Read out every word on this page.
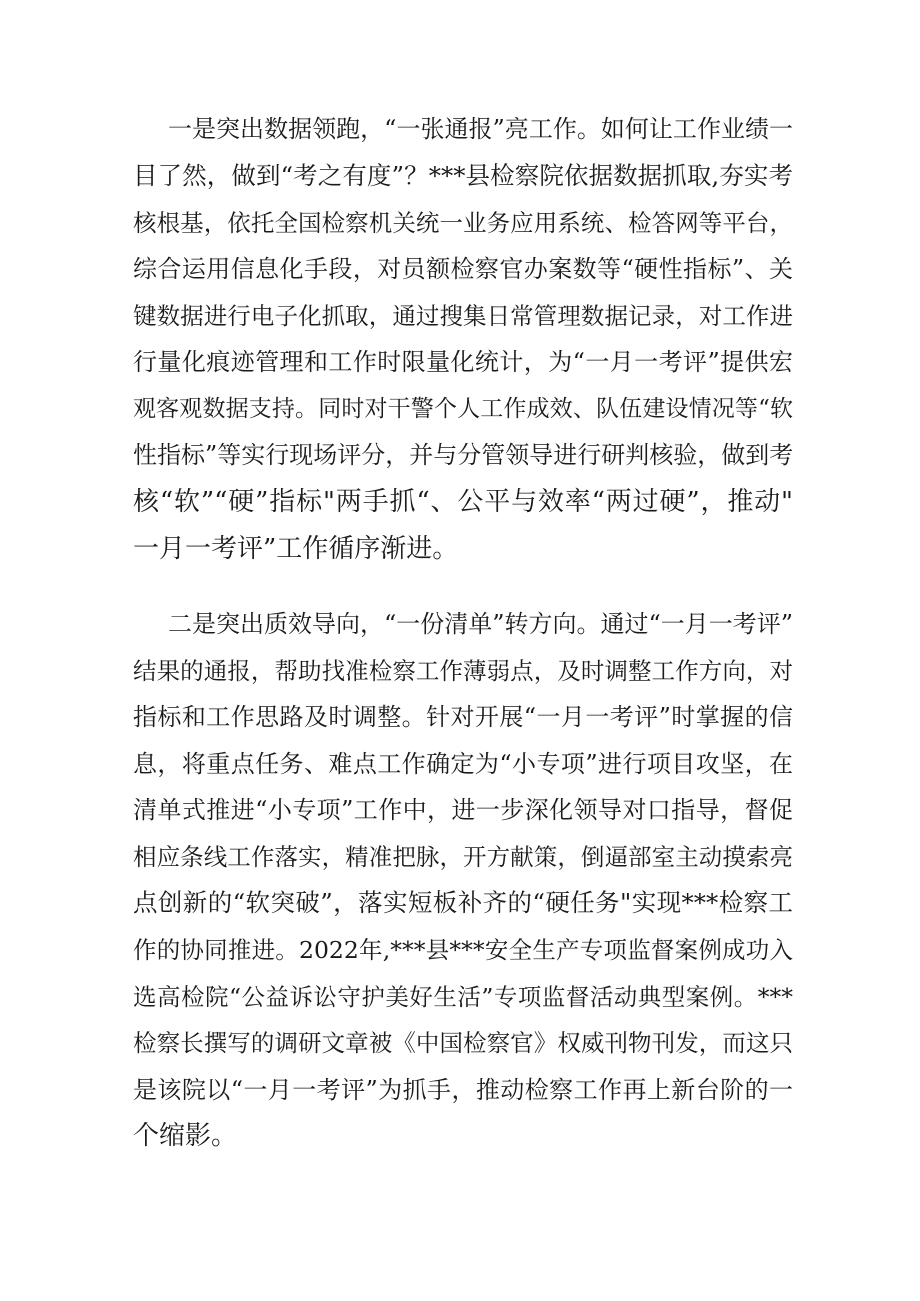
一是突出数据领跑，“一张通报”亮工作。如何让工作业绩一
目了然，做到“考之有度”？***县检察院依据数据抓取,夯实考
核根基，依托全国检察机关统一业务应用系统、检答网等平台，
综合运用信息化手段，对员额检察官办案数等“硬性指标”、关
键数据进行电子化抓取，通过搜集日常管理数据记录，对工作进
行量化痕迹管理和工作时限量化统计，为“一月一考评”提供宏
观客观数据支持。同时对干警个人工作成效、队伍建设情况等“软
性指标”等实行现场评分，并与分管领导进行研判核验，做到考
核“软”“硬”指标"两手抓“、公平与效率“两过硬”，推动"
一月一考评”工作循序渐进。
二是突出质效导向，“一份清单”转方向。通过“一月一考评”
结果的通报，帮助找准检察工作薄弱点，及时调整工作方向，对
指标和工作思路及时调整。针对开展“一月一考评”时掌握的信
息，将重点任务、难点工作确定为“小专项”进行项目攻坚，在
清单式推进“小专项”工作中，进一步深化领导对口指导，督促
相应条线工作落实，精准把脉，开方献策，倒逼部室主动摸索亮
点创新的“软突破”，落实短板补齐的“硬任务"实现***检察工
作的协同推进。2022年,***县***安全生产专项监督案例成功入
选高检院“公益诉讼守护美好生活”专项监督活动典型案例。***
检察长撰写的调研文章被《中国检察官》权威刊物刊发，而这只
是该院以“一月一考评”为抓手，推动检察工作再上新台阶的一
个缩影。
